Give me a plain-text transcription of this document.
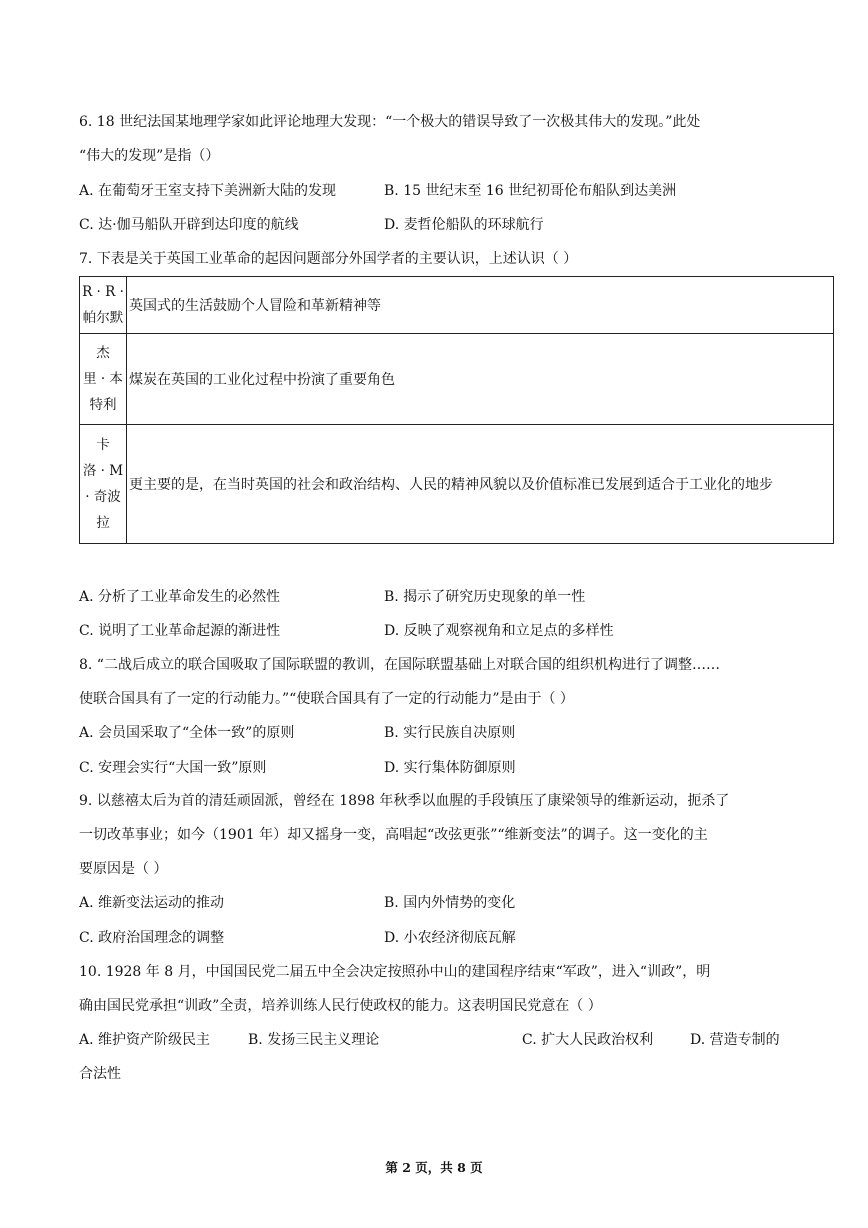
6. 18 世纪法国某地理学家如此评论地理大发现：“一个极大的错误导致了一次极其伟大的发现。”此处
“伟大的发现”是指（）
A. 在葡萄牙王室支持下美洲新大陆的发现	B. 15 世纪末至 16 世纪初哥伦布船队到达美洲
C. 达·伽马船队开辟到达印度的航线	D. 麦哲伦船队的环球航行
7. 下表是关于英国工业革命的起因问题部分外国学者的主要认识，上述认识（ ）
R · R ·
帕尔默	英国式的生活鼓励个人冒险和革新精神等

杰
里 · 本
特利	煤炭在英国的工业化过程中扮演了重要角色

卡
洛 · M
· 奇波
拉	更主要的是，在当时英国的社会和政治结构、人民的精神风貌以及价值标准已发展到适合于工业化的地步
A. 分析了工业革命发生的必然性	B. 揭示了研究历史现象的单一性
C. 说明了工业革命起源的渐进性	D. 反映了观察视角和立足点的多样性
8. “二战后成立的联合国吸取了国际联盟的教训，在国际联盟基础上对联合国的组织机构进行了调整……
使联合国具有了一定的行动能力。”“使联合国具有了一定的行动能力”是由于（ ）
A. 会员国采取了“全体一致”的原则	B. 实行民族自决原则
C. 安理会实行“大国一致”原则	D. 实行集体防御原则
9. 以慈禧太后为首的清廷顽固派，曾经在 1898 年秋季以血腥的手段镇压了康梁领导的维新运动，扼杀了
一切改革事业；如今（1901 年）却又摇身一变，高唱起“改弦更张”“维新变法”的调子。这一变化的主
要原因是（ ）
A. 维新变法运动的推动	B. 国内外情势的变化
C. 政府治国理念的调整	D. 小农经济彻底瓦解
10. 1928 年 8 月，中国国民党二届五中全会决定按照孙中山的建国程序结束“军政”，进入“训政”，明
确由国民党承担“训政”全责，培养训练人民行使政权的能力。这表明国民党意在（ ）
A. 维护资产阶级民主	B. 发扬三民主义理论	C. 扩大人民政治权利	D. 营造专制的
合法性
第 2 页，共 8 页
